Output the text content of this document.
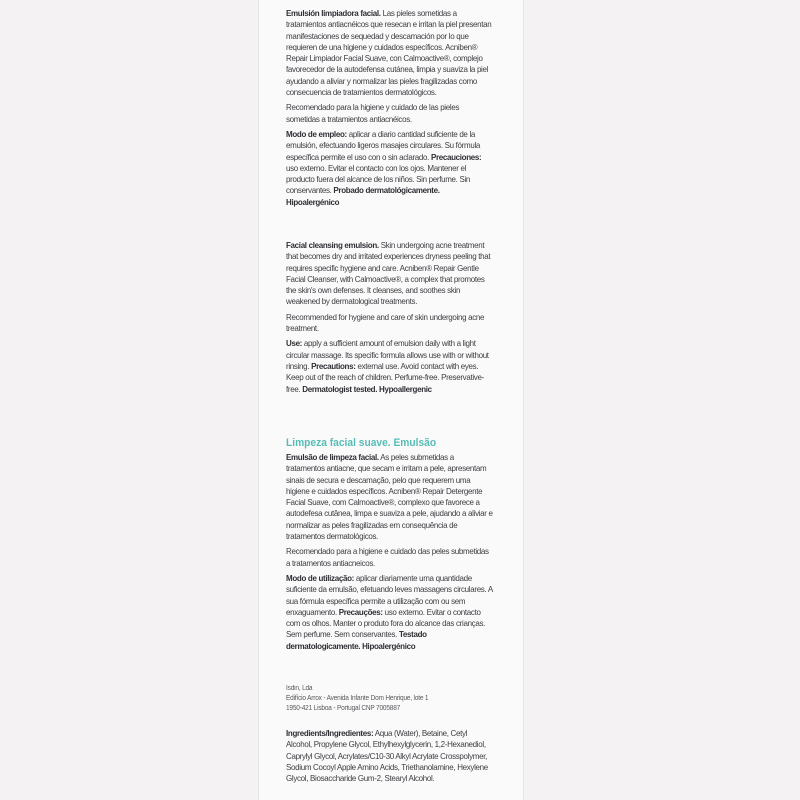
Emulsión limpiadora facial. Las pieles sometidas a tratamientos antiacnéicos que resecan e irritan la piel presentan manifestaciones de sequedad y descamación por lo que requieren de una higiene y cuidados específicos. Acniben® Repair Limpiador Facial Suave, con Calmoactive®, complejo favorecedor de la autodefensa cutánea, limpia y suaviza la piel ayudando a aliviar y normalizar las pieles fragilizadas como consecuencia de tratamientos dermatológicos.

Recomendado para la higiene y cuidado de las pieles sometidas a tratamientos antiacnéicos.

Modo de empleo: aplicar a diario cantidad suficiente de la emulsión, efectuando ligeros masajes circulares. Su fórmula específica permite el uso con o sin aclarado. Precauciones: uso externo. Evitar el contacto con los ojos. Mantener el producto fuera del alcance de los niños. Sin perfume. Sin conservantes. Probado dermatológicamente. Hipoalergénico

Facial cleansing emulsion. Skin undergoing acne treatment that becomes dry and irritated experiences dryness peeling that requires specific hygiene and care. Acniben® Repair Gentle Facial Cleanser, with Calmoactive®, a complex that promotes the skin's own defenses. It cleanses, and soothes skin weakened by dermatological treatments.

Recommended for hygiene and care of skin undergoing acne treatment.

Use: apply a sufficient amount of emulsion daily with a light circular massage. Its specific formula allows use with or without rinsing. Precautions: external use. Avoid contact with eyes. Keep out of the reach of children. Perfume-free. Preservative-free. Dermatologist tested. Hypoallergenic

Limpeza facial suave. Emulsão

Emulsão de limpeza facial. As peles submetidas a tratamentos antiacne, que secam e irritam a pele, apresentam sinais de secura e descamação, pelo que requerem uma higiene e cuidados específicos. Acniben® Repair Detergente Facial Suave, com Calmoactive®, complexo que favorece a autodefesa cutânea, limpa e suaviza a pele, ajudando a aliviar e normalizar as peles fragilizadas em consequência de tratamentos dermatológicos.

Recomendado para a higiene e cuidado das peles submetidas a tratamentos antiacneicos.

Modo de utilização: aplicar diariamente uma quantidade suficiente da emulsão, efetuando leves massagens circulares. A sua fórmula específica permite a utilização com ou sem enxaguamento. Precauções: uso externo. Evitar o contacto com os olhos. Manter o produto fora do alcance das crianças. Sem perfume. Sem conservantes. Testado dermatologicamente. Hipoalergénico

Isdin, Lda
Edifício Arrox - Avenida Infante Dom Henrique, lote 1
1950-421 Lisboa - Portugal CNP 7005887

Ingredients/Ingredientes: Aqua (Water), Betaine, Cetyl Alcohol, Propylene Glycol, Ethylhexylglycerin, 1,2-Hexanediol, Caprylyl Glycol, Acrylates/C10-30 Alkyl Acrylate Crosspolymer, Sodium Cocoyl Apple Amino Acids, Triethanolamine, Hexylene Glycol, Biosaccharide Gum-2, Stearyl Alcohol.
